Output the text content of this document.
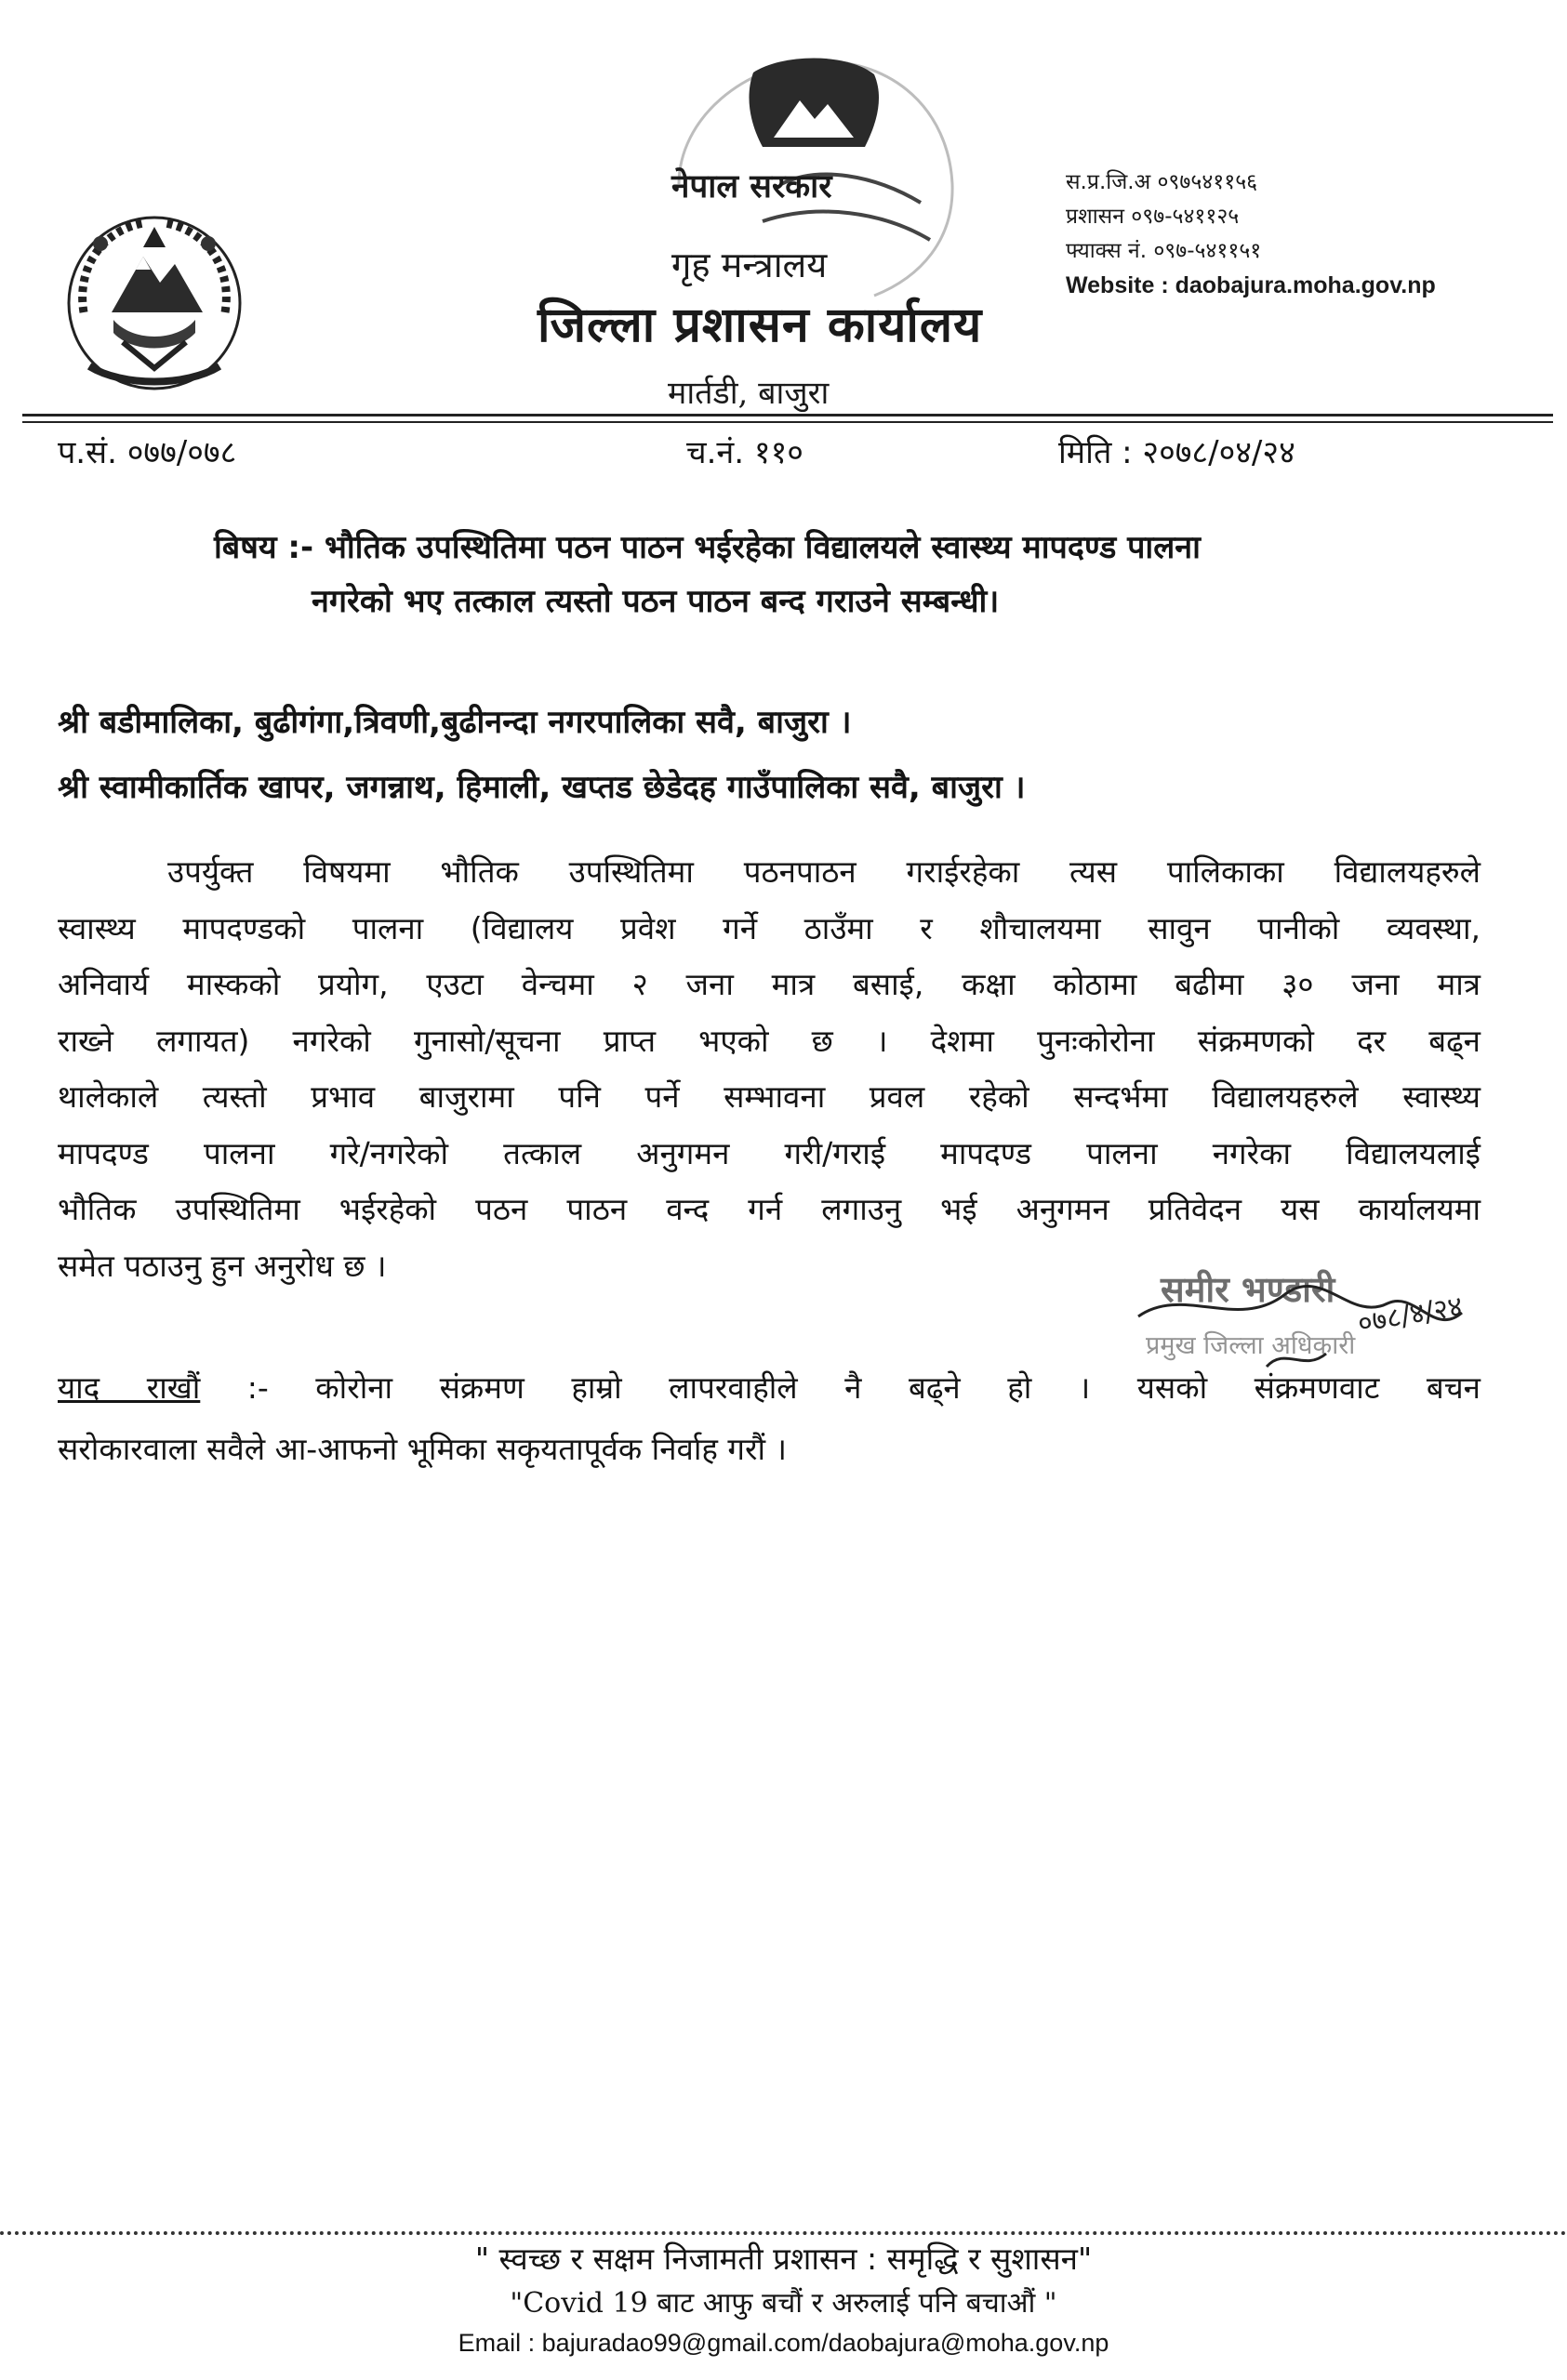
नेपाल सरकार
गृह मन्त्रालय
जिल्ला प्रशासन कार्यालय
मार्तडी, बाजुरा
स.प्र.जि.अ ०९७५४११५६
प्रशासन ०९७-५४११२५
फ्याक्स नं. ०९७-५४११५१
Website : daobajura.moha.gov.np
प.सं. ०७७/०७८	च.नं. ११०	मिति : २०७८/०४/२४
बिषय :- भौतिक उपस्थितिमा पठन पाठन भईरहेका विद्यालयले स्वास्थ्य मापदण्ड पालना
नगरेको भए तत्काल त्यस्तो पठन पाठन बन्द गराउने सम्बन्धी।
श्री बडीमालिका, बुढीगंगा,त्रिवणी,बुढीनन्दा नगरपालिका सवै, बाजुरा ।
श्री स्वामीकार्तिक खापर, जगन्नाथ, हिमाली, खप्तड छेडेदह गाउँपालिका सवै, बाजुरा ।
उपर्युक्त विषयमा भौतिक उपस्थितिमा पठनपाठन गराईरहेका त्यस पालिकाका विद्यालयहरुले
स्वास्थ्य मापदण्डको पालना (विद्यालय प्रवेश गर्ने ठाउँमा र शौचालयमा सावुन पानीको व्यवस्था,
अनिवार्य मास्कको प्रयोग, एउटा वेन्चमा २ जना मात्र बसाई, कक्षा कोठामा बढीमा ३० जना मात्र
राख्ने लगायत) नगरेको गुनासो/सूचना प्राप्त भएको छ । देशमा पुनःकोरोना संक्रमणको दर बढ्न
थालेकाले त्यस्तो प्रभाव बाजुरामा पनि पर्ने सम्भावना प्रवल रहेको सन्दर्भमा विद्यालयहरुले स्वास्थ्य
मापदण्ड पालना गरे/नगरेको तत्काल अनुगमन गरी/गराई मापदण्ड पालना नगरेका विद्यालयलाई
भौतिक उपस्थितिमा भईरहेको पठन पाठन वन्द गर्न लगाउनु भई अनुगमन प्रतिवेदन यस कार्यालयमा
समेत पठाउनु हुन अनुरोध छ ।
याद राखौं :- कोरोना संक्रमण हाम्रो लापरवाहीले नै बढ्ने हो । यसको संक्रमणवाट बचन
सरोकारवाला सवैले आ-आफनो भूमिका सकृयतापूर्वक निर्वाह गरौं ।
समीर भण्डारी
प्रमुख जिल्ला अधिकारी
०७८/४/२४
" स्वच्छ र सक्षम निजामती प्रशासन : समृद्धि र सुशासन"
"Covid 19 बाट आफु बचौं र अरुलाई पनि बचाऔं "
Email : bajuradao99@gmail.com/daobajura@moha.gov.np
